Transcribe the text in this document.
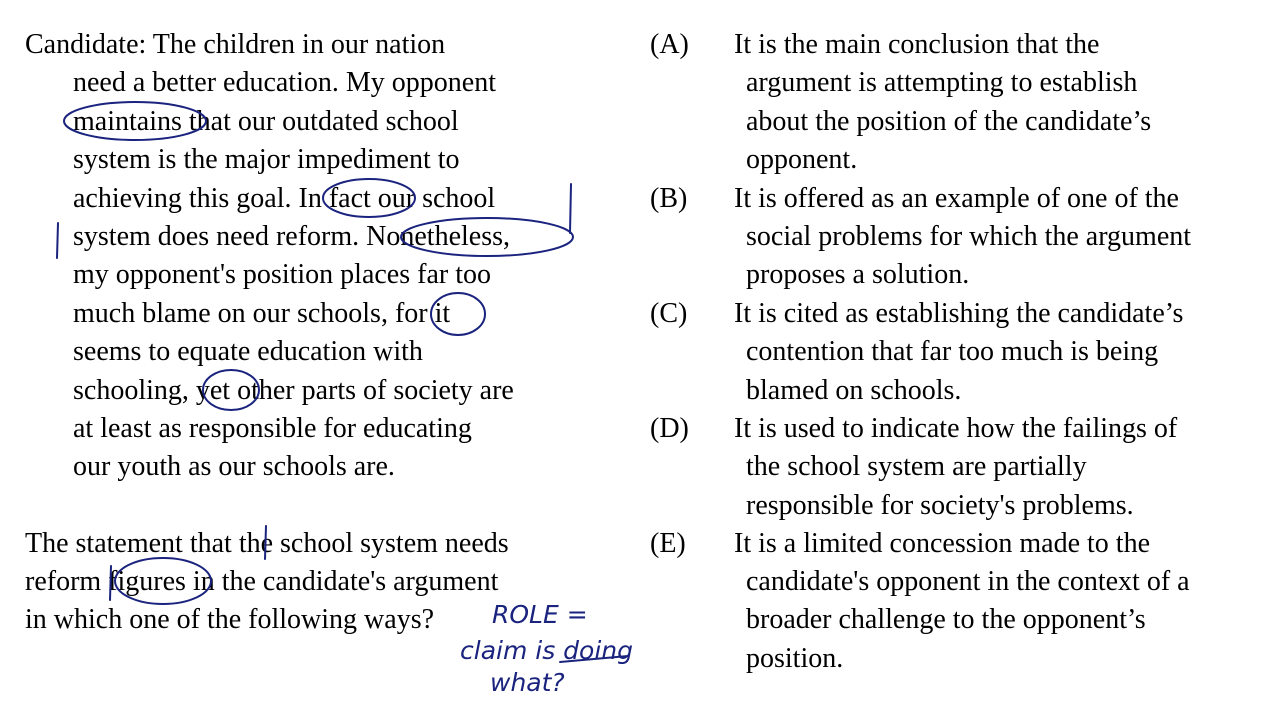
Candidate: The children in our nation
need a better education. My opponent
maintains that our outdated school
system is the major impediment to
achieving this goal. In fact our school
system does need reform. Nonetheless,
my opponent's position places far too
much blame on our schools, for it
seems to equate education with
schooling, yet other parts of society are
at least as responsible for educating
our youth as our schools are.
The statement that the school system needs
reform figures in the candidate's argument
in which one of the following ways?
(A) It is the main conclusion that the
argument is attempting to establish
about the position of the candidate’s
opponent.
(B) It is offered as an example of one of the
social problems for which the argument
proposes a solution.
(C) It is cited as establishing the candidate’s
contention that far too much is being
blamed on schools.
(D) It is used to indicate how the failings of
the school system are partially
responsible for society's problems.
(E) It is a limited concession made to the
candidate's opponent in the context of a
broader challenge to the opponent’s
position.
ROLE =
claim is doing
what?
